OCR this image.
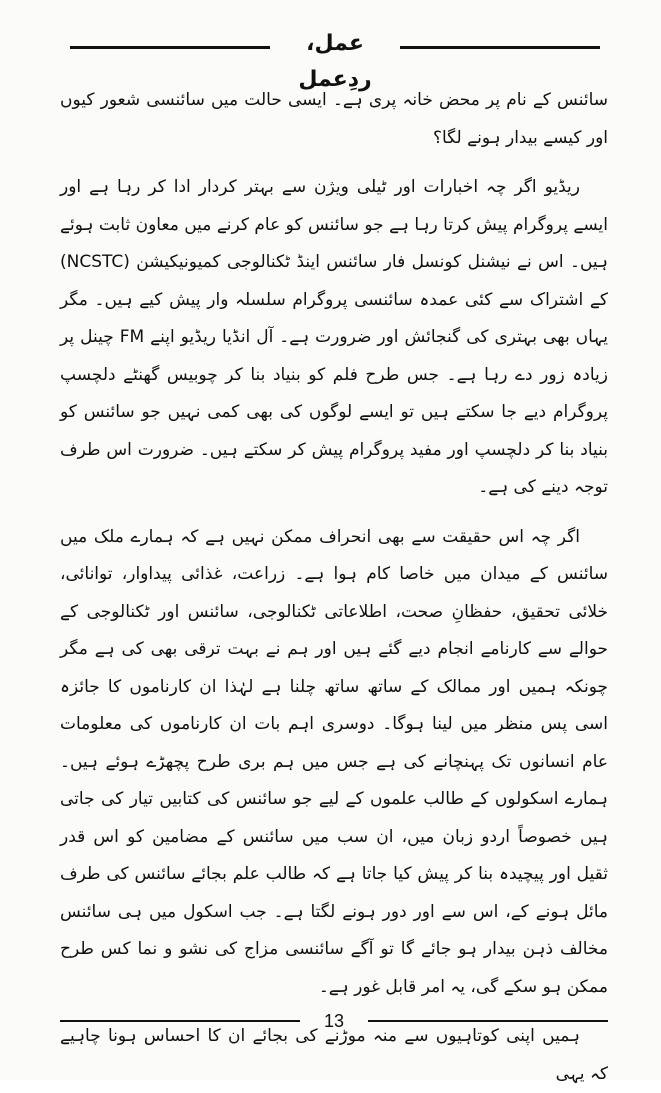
عمل، ردِعمل

سائنس کے نام پر محض خانہ پری ہے۔ ایسی حالت میں سائنسی شعور کیوں اور کیسے بیدار ہونے لگا؟

ریڈیو اگر چہ اخبارات اور ٹیلی ویژن سے بہتر کردار ادا کر رہا ہے اور ایسے پروگرام پیش کرتا رہا ہے جو سائنس کو عام کرنے میں معاون ثابت ہوئے ہیں۔ اس نے نیشنل کونسل فار سائنس اینڈ ٹکنالوجی کمیونیکیشن (NCSTC) کے اشتراک سے کئی عمدہ سائنسی پروگرام سلسلہ وار پیش کیے ہیں۔ مگر یہاں بھی بہتری کی گنجائش اور ضرورت ہے۔ آل انڈیا ریڈیو اپنے FM چینل پر زیادہ زور دے رہا ہے۔ جس طرح فلم کو بنیاد بنا کر چوبیس گھنٹے دلچسپ پروگرام دیے جا سکتے ہیں تو ایسے لوگوں کی بھی کمی نہیں جو سائنس کو بنیاد بنا کر دلچسپ اور مفید پروگرام پیش کر سکتے ہیں۔ ضرورت اس طرف توجہ دینے کی ہے۔

اگر چہ اس حقیقت سے بھی انحراف ممکن نہیں ہے کہ ہمارے ملک میں سائنس کے میدان میں خاصا کام ہوا ہے۔ زراعت، غذائی پیداوار، توانائی، خلائی تحقیق، حفظانِ صحت، اطلاعاتی ٹکنالوجی، سائنس اور ٹکنالوجی کے حوالے سے کارنامے انجام دیے گئے ہیں اور ہم نے بہت ترقی بھی کی ہے مگر چونکہ ہمیں اور ممالک کے ساتھ ساتھ چلنا ہے لہٰذا ان کارناموں کا جائزہ اسی پس منظر میں لینا ہوگا۔ دوسری اہم بات ان کارناموں کی معلومات عام انسانوں تک پہنچانے کی ہے جس میں ہم بری طرح پچھڑے ہوئے ہیں۔ ہمارے اسکولوں کے طالب علموں کے لیے جو سائنس کی کتابیں تیار کی جاتی ہیں خصوصاً اردو زبان میں، ان سب میں سائنس کے مضامین کو اس قدر ثقیل اور پیچیدہ بنا کر پیش کیا جاتا ہے کہ طالب علم بجائے سائنس کی طرف مائل ہونے کے، اس سے اور دور ہونے لگتا ہے۔ جب اسکول میں ہی سائنس مخالف ذہن بیدار ہو جائے گا تو آگے سائنسی مزاج کی نشو و نما کس طرح ممکن ہو سکے گی، یہ امر قابل غور ہے۔

ہمیں اپنی کوتاہیوں سے منہ موڑنے کی بجائے ان کا احساس ہونا چاہیے کہ یہی

13
